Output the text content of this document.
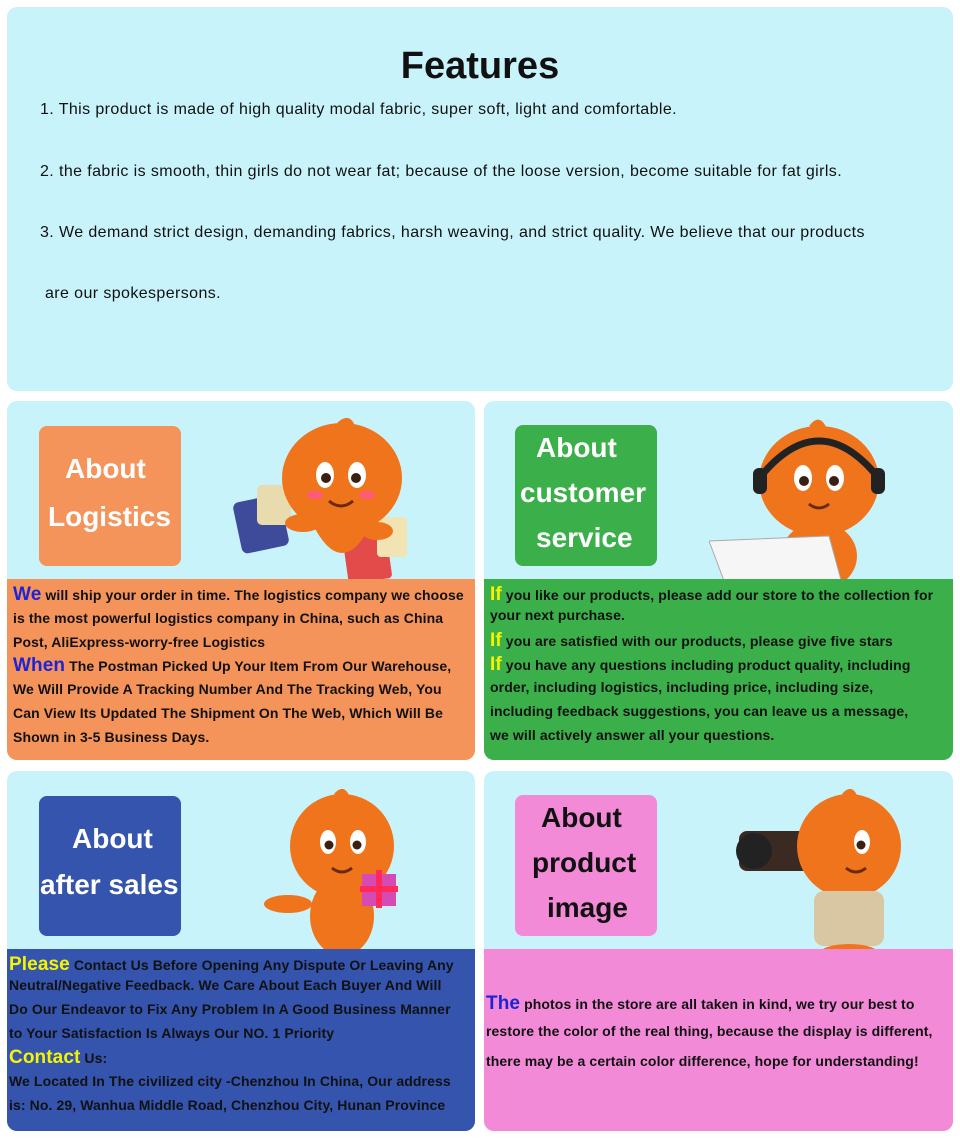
Features
1. This product is made of high quality modal fabric, super soft, light and comfortable.
2. the fabric is smooth, thin girls do not wear fat; because of the loose version, become suitable for fat girls.
3. We demand strict design, demanding fabrics, harsh weaving, and strict quality. We believe that our products
are our spokespersons.
About
Logistics

We will ship your order in time. The logistics company we choose

is the most powerful logistics company in China, such as China

Post, AliExpress-worry-free Logistics

When The Postman Picked Up Your Item From Our Warehouse,

We Will Provide A Tracking Number And The Tracking Web, You

Can View Its Updated The Shipment On The Web, Which Will Be

Shown in 3-5 Business Days.

About
customer
service

If you like our products, please add our store to the collection for

your next purchase.

If you are satisfied with our products, please give five stars

If you have any questions including product quality, including

order, including logistics, including price, including size,

including feedback suggestions, you can leave us a message,

we will actively answer all your questions.

About
after sales

Please Contact Us Before Opening Any Dispute Or Leaving Any

Neutral/Negative Feedback. We Care About Each Buyer And Will

Do Our Endeavor to Fix Any Problem In A Good Business Manner

to Your Satisfaction Is Always Our NO. 1 Priority

Contact Us:

We Located In The civilized city -Chenzhou In China, Our address

is: No. 29, Wanhua Middle Road, Chenzhou City, Hunan Province

About
product
image

The photos in the store are all taken in kind, we try our best to

restore the color of the real thing, because the display is different,

there may be a certain color difference, hope for understanding!
